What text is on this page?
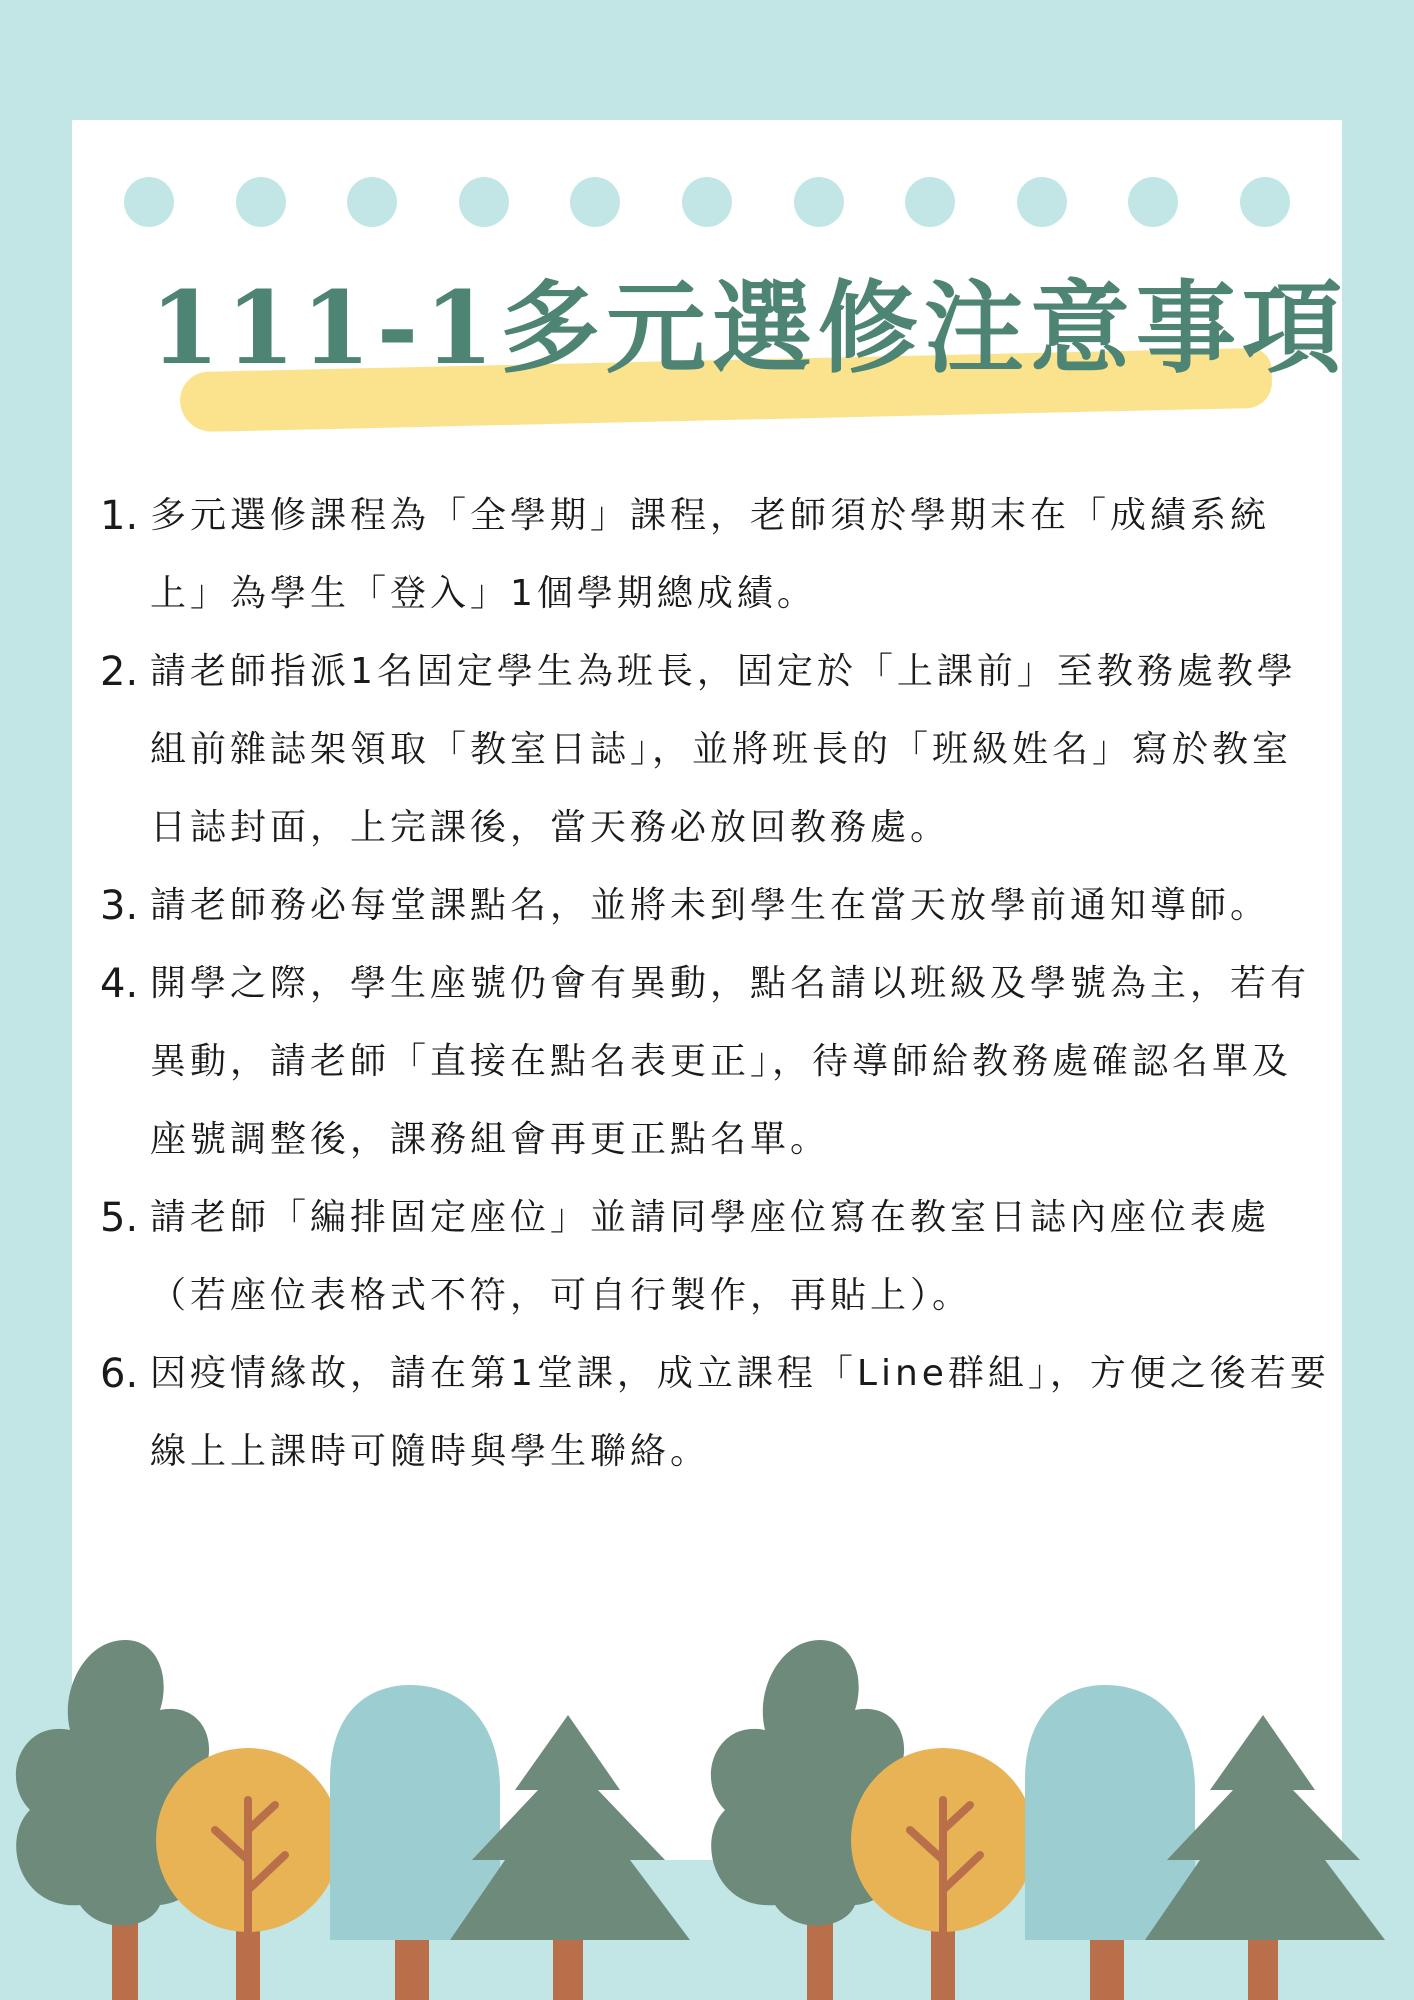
111-1多元選修注意事項
1. 多元選修課程為「全學期」課程，老師須於學期末在「成績系統上」為學生「登入」1個學期總成績。
2. 請老師指派1名固定學生為班長，固定於「上課前」至教務處教學組前雜誌架領取「教室日誌」，並將班長的「班級姓名」寫於教室日誌封面，上完課後，當天務必放回教務處。
3. 請老師務必每堂課點名，並將未到學生在當天放學前通知導師。
4. 開學之際，學生座號仍會有異動，點名請以班級及學號為主，若有異動，請老師「直接在點名表更正」，待導師給教務處確認名單及座號調整後，課務組會再更正點名單。
5. 請老師「編排固定座位」並請同學座位寫在教室日誌內座位表處（若座位表格式不符，可自行製作，再貼上）。
6. 因疫情緣故，請在第1堂課，成立課程「Line群組」，方便之後若要線上上課時可隨時與學生聯絡。
